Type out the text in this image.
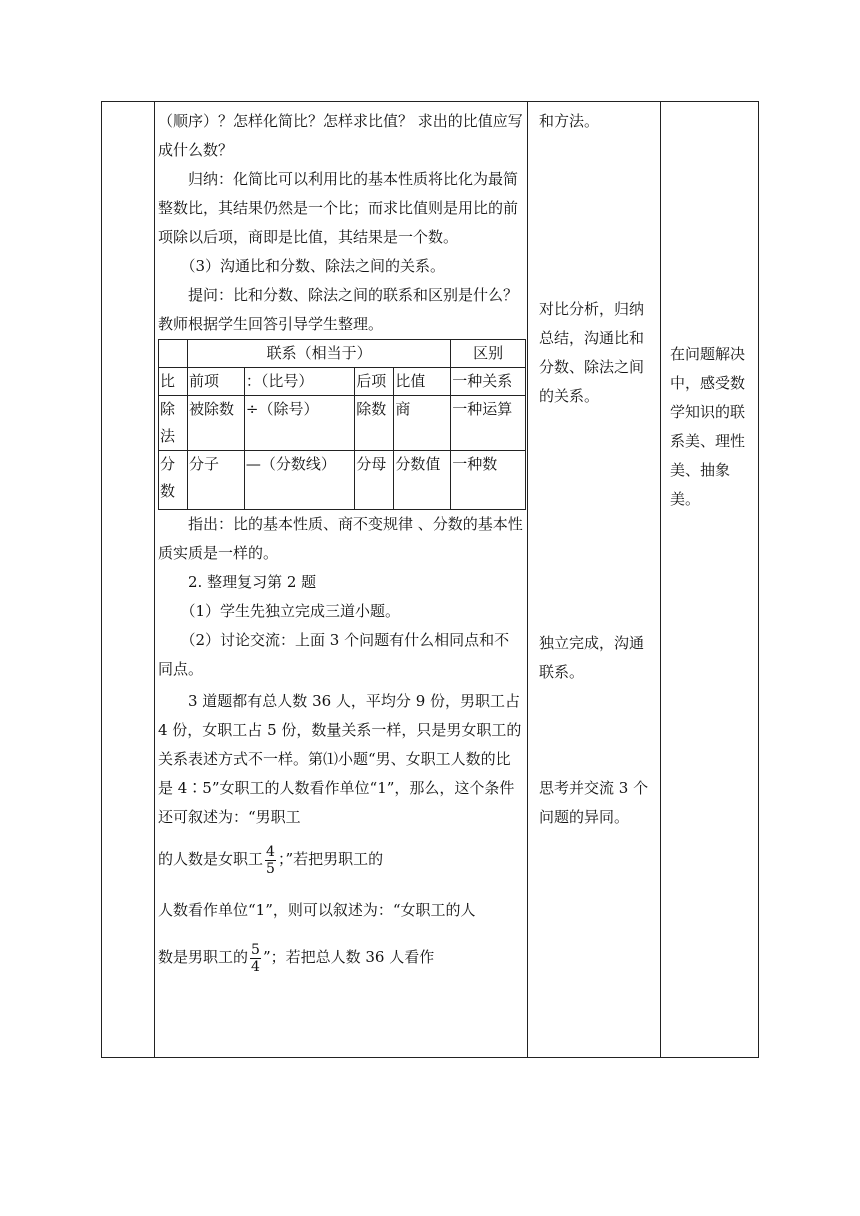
（顺序）？怎样化简比？怎样求比值？ 求出的比值应写成什么数？

归纳：化简比可以利用比的基本性质将比化为最简整数比，其结果仍然是一个比；而求比值则是用比的前项除以后项，商即是比值，其结果是一个数。

（3）沟通比和分数、除法之间的关系。

提问：比和分数、除法之间的联系和区别是什么？教师根据学生回答引导学生整理。

	联系（相当于）				区别
比	前项	：（比号）	后项	比值	一种关系
除法	被除数	÷（除号）	除数	商	一种运算
分数	分子	—（分数线）	分母	分数值	一种数

指出：比的基本性质、商不变规律 、分数的基本性质实质是一样的。

2. 整理复习第 2 题

（1）学生先独立完成三道小题。

（2）讨论交流：上面 3 个问题有什么相同点和不同点。

3 道题都有总人数 36 人，平均分 9 份，男职工占 4 份，女职工占 5 份，数量关系一样，只是男女职工的关系表述方式不一样。第⑴小题“男、女职工人数的比是 4∶5”女职工的人数看作单位“1”，那么，这个条件还可叙述为：“男职工

的人数是女职工 $\frac{4}{5}$ ；”若把男职工的

人数看作单位“1”，则可以叙述为：“女职工的人

数是男职工的 $\frac{5}{4}$ ”；若把总人数 36 人看作

和方法。
对比分析，归纳总结，沟通比和分数、除法之间的关系。
独立完成，沟通联系。
思考并交流 3 个问题的异同。
在问题解决中，感受数学知识的联系美、理性美、抽象美。
